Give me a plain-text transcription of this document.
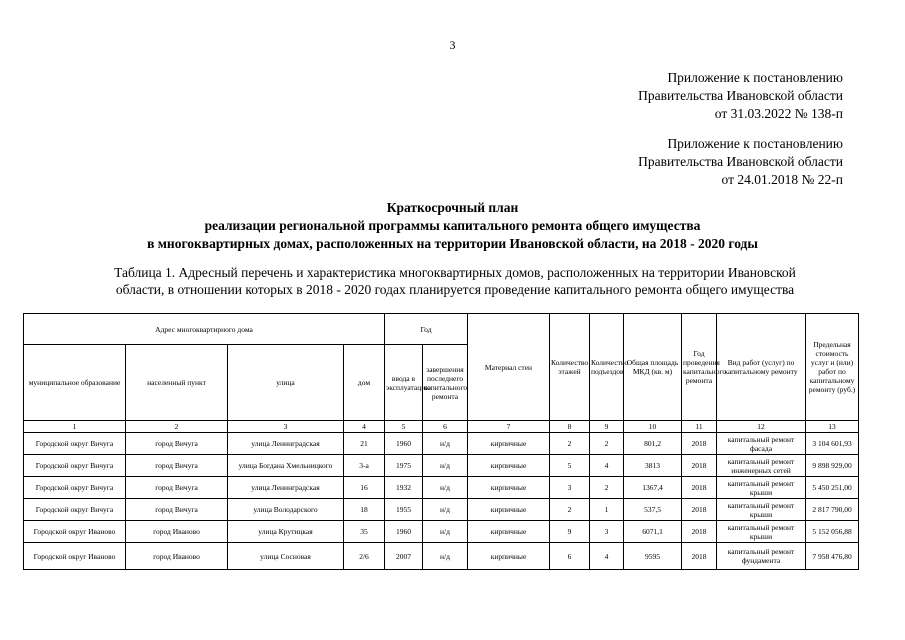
3
Приложение к постановлению
Правительства Ивановской области
от 31.03.2022 № 138-п
Приложение к постановлению
Правительства Ивановской области
от 24.01.2018 № 22-п
Краткосрочный план
реализации региональной программы капитального ремонта общего имущества
в многоквартирных домах, расположенных на территории Ивановской области, на 2018 - 2020 годы
Таблица 1. Адресный перечень и характеристика многоквартирных домов, расположенных на территории Ивановской
области, в отношении которых в 2018 - 2020 годах планируется проведение капитального ремонта общего имущества
Адрес многоквартирного дома				Год		Материал стен	Количество этажей	Количество подъездов	Общая площадь МКД (кв. м)	Год проведения капитального ремонта	Вид работ (услуг) по капитальному ремонту	Предельная стоимость услуг и (или) работ по капитальному ремонту (руб.)
муниципальное образование	населенный пункт	улица	дом	ввода в эксплуатацию	завершения последнего капитального ремонта							
1	2	3	4	5	6	7	8	9	10	11	12	13
Городской округ Вичуга	город Вичуга	улица Ленинградская	21	1960	н/д	кирпичные	2	2	801,2	2018	капитальный ремонт фасада	3 104 601,93
Городской округ Вичуга	город Вичуга	улица Богдана Хмельницкого	3-а	1975	н/д	кирпичные	5	4	3813	2018	капитальный ремонт инженерных сетей	9 898 929,00
Городской округ Вичуга	город Вичуга	улица Ленинградская	16	1932	н/д	кирпичные	3	2	1367,4	2018	капитальный ремонт крыши	5 450 251,00
Городской округ Вичуга	город Вичуга	улица Володарского	18	1955	н/д	кирпичные	2	1	537,5	2018	капитальный ремонт крыши	2 817 790,00
Городской округ Иваново	город Иваново	улица Крутицкая	35	1960	н/д	кирпичные	9	3	6071,1	2018	капитальный ремонт крыши	5 152 056,88
Городской округ Иваново	город Иваново	улица Сосновая	2/6	2007	н/д	кирпичные	6	4	9595	2018	капитальный ремонт фундамента	7 958 476,80
